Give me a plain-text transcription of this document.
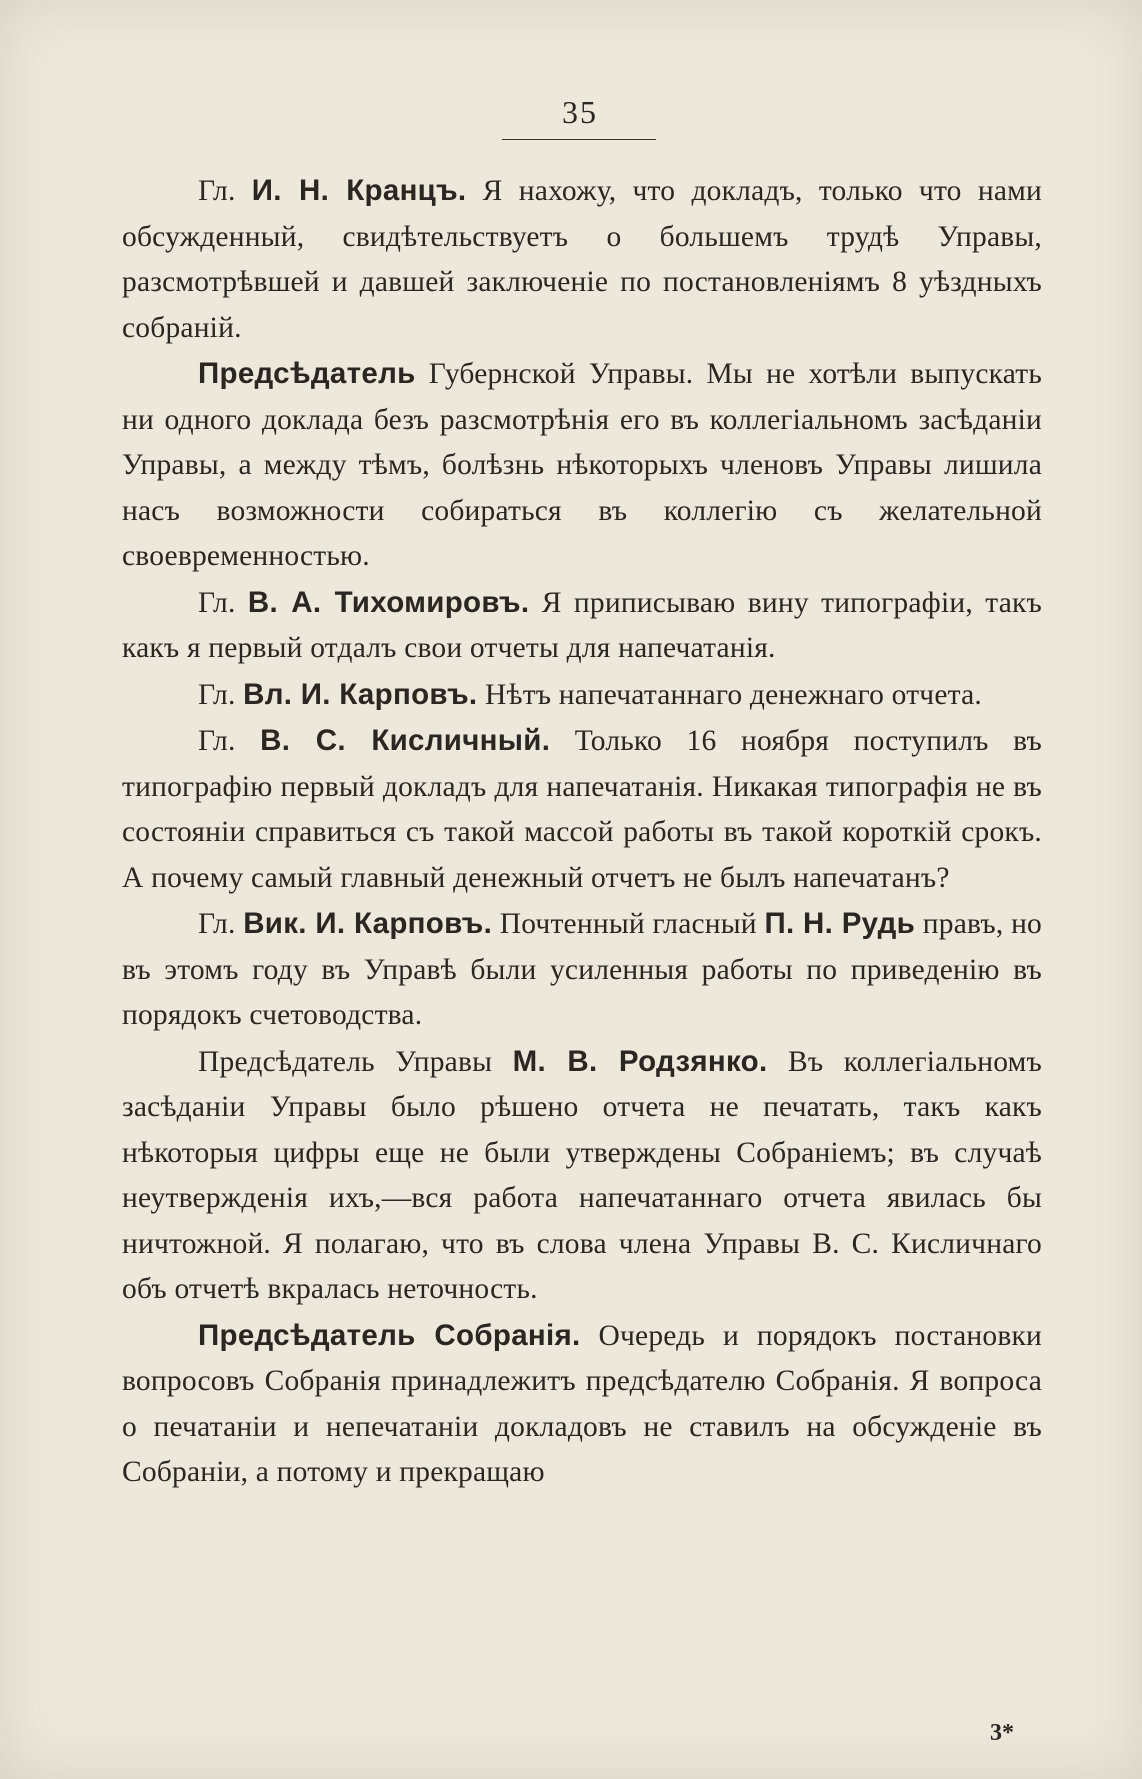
35

Гл. И. Н. Кранцъ. Я нахожу, что докладъ, только что нами обсужденный, свидѣтельствуетъ о большемъ трудѣ Управы, разсмотрѣвшей и давшей заключеніе по постановленіямъ 8 уѣздныхъ собраній.

Предсѣдатель Губернской Управы. Мы не хотѣли выпускать ни одного доклада безъ разсмотрѣнія его въ коллегіальномъ засѣданіи Управы, а между тѣмъ, болѣзнь нѣкоторыхъ членовъ Управы лишила насъ возможности собираться въ коллегію съ желательной своевременностью.

Гл. В. А. Тихомировъ. Я приписываю вину типографіи, такъ какъ я первый отдалъ свои отчеты для напечатанія.

Гл. Вл. И. Карповъ. Нѣтъ напечатаннаго денежнаго отчета.

Гл. В. С. Кисличный. Только 16 ноября поступилъ въ типографію первый докладъ для напечатанія. Никакая типографія не въ состояніи справиться съ такой массой работы въ такой короткій срокъ. А почему самый главный денежный отчетъ не былъ напечатанъ?

Гл. Вик. И. Карповъ. Почтенный гласный П. Н. Рудь правъ, но въ этомъ году въ Управѣ были усиленныя работы по приведенію въ порядокъ счетоводства.

Предсѣдатель Управы М. В. Родзянко. Въ коллегіальномъ засѣданіи Управы было рѣшено отчета не печатать, такъ какъ нѣкоторыя цифры еще не были утверждены Собраніемъ; въ случаѣ неутвержденія ихъ,—вся работа напечатаннаго отчета явилась бы ничтожной. Я полагаю, что въ слова члена Управы В. С. Кисличнаго объ отчетѣ вкралась неточность.

Предсѣдатель Собранія. Очередь и порядокъ постановки вопросовъ Собранія принадлежитъ предсѣдателю Собранія. Я вопроса о печатаніи и непечатаніи докладовъ не ставилъ на обсужденіе въ Собраніи, а потому и прекращаю

3*
